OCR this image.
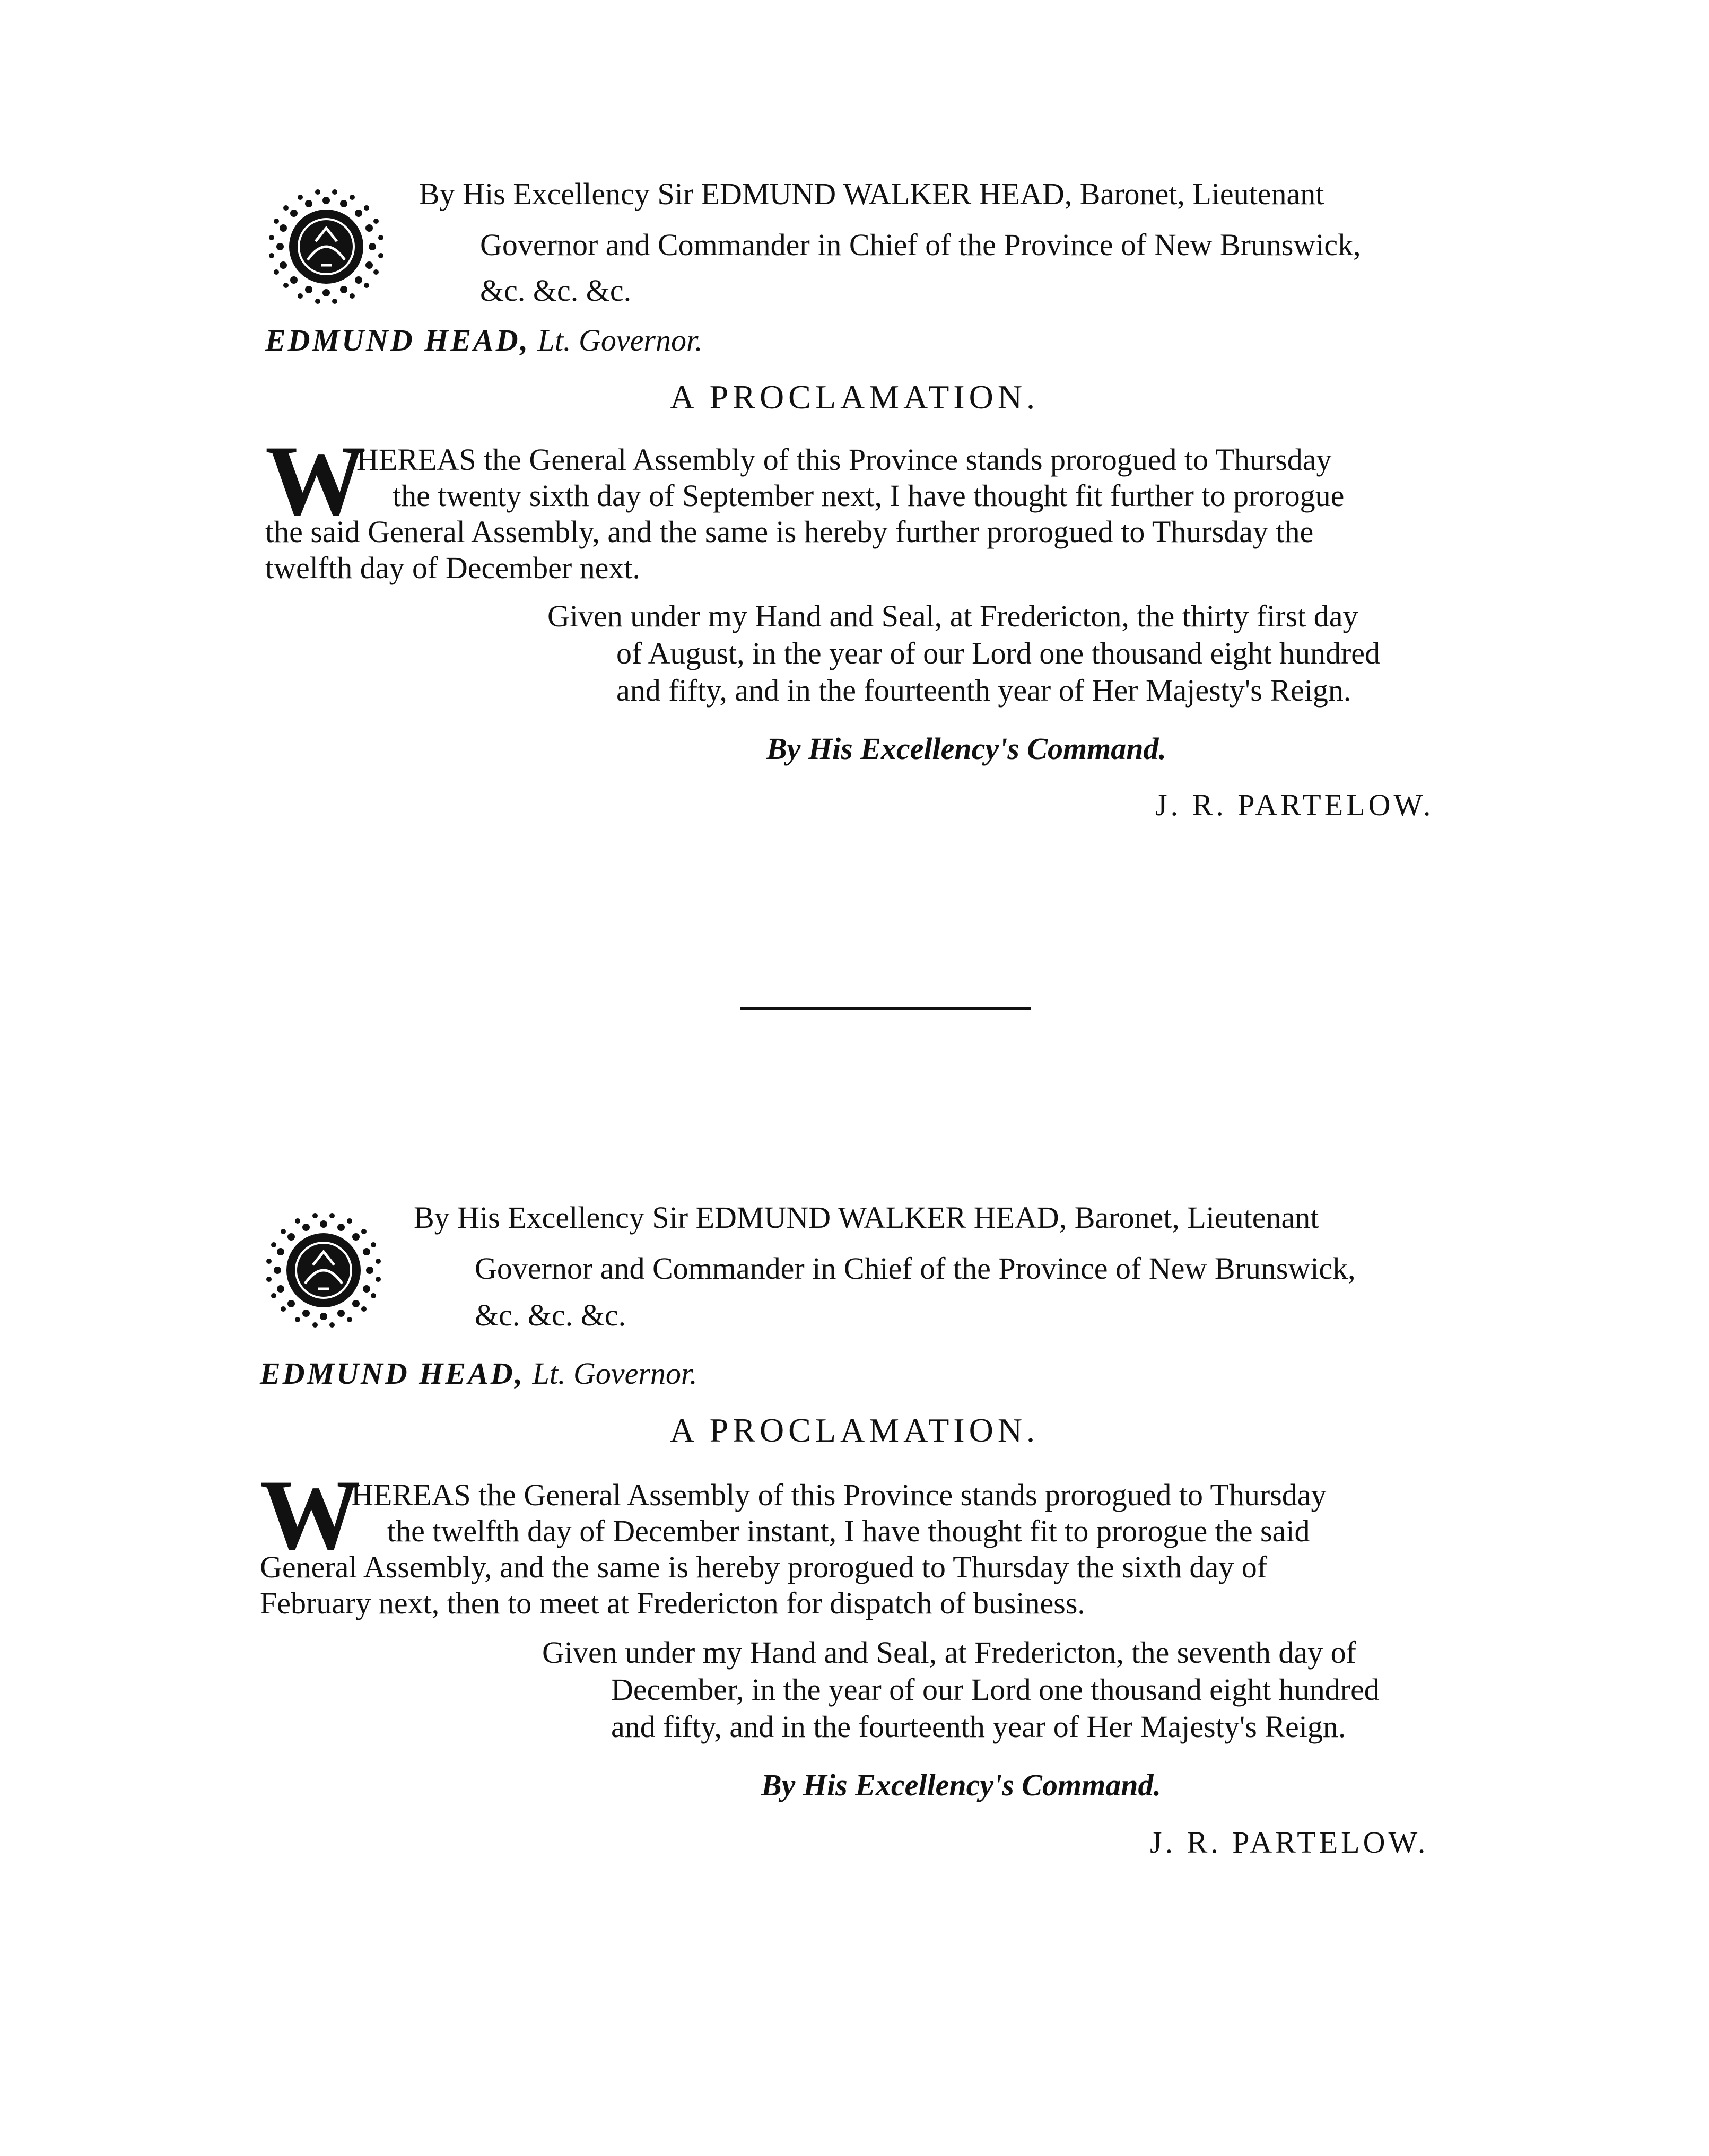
By His Excellency Sir EDMUND WALKER HEAD, Baronet, Lieutenant
Governor and Commander in Chief of the Province of New Brunswick,
&c. &c. &c.
EDMUND HEAD, Lt. Governor.
A PROCLAMATION.
W
HEREAS the General Assembly of this Province stands prorogued to Thursday
the twenty sixth day of September next, I have thought fit further to prorogue
the said General Assembly, and the same is hereby further prorogued to Thursday the
twelfth day of December next.
Given under my Hand and Seal, at Fredericton, the thirty first day
of August, in the year of our Lord one thousand eight hundred
and fifty, and in the fourteenth year of Her Majesty's Reign.
By His Excellency's Command.
J. R. PARTELOW.
By His Excellency Sir EDMUND WALKER HEAD, Baronet, Lieutenant
Governor and Commander in Chief of the Province of New Brunswick,
&c. &c. &c.
EDMUND HEAD, Lt. Governor.
A PROCLAMATION.
W
HEREAS the General Assembly of this Province stands prorogued to Thursday
the twelfth day of December instant, I have thought fit to prorogue the said
General Assembly, and the same is hereby prorogued to Thursday the sixth day of
February next, then to meet at Fredericton for dispatch of business.
Given under my Hand and Seal, at Fredericton, the seventh day of
December, in the year of our Lord one thousand eight hundred
and fifty, and in the fourteenth year of Her Majesty's Reign.
By His Excellency's Command.
J. R. PARTELOW.
